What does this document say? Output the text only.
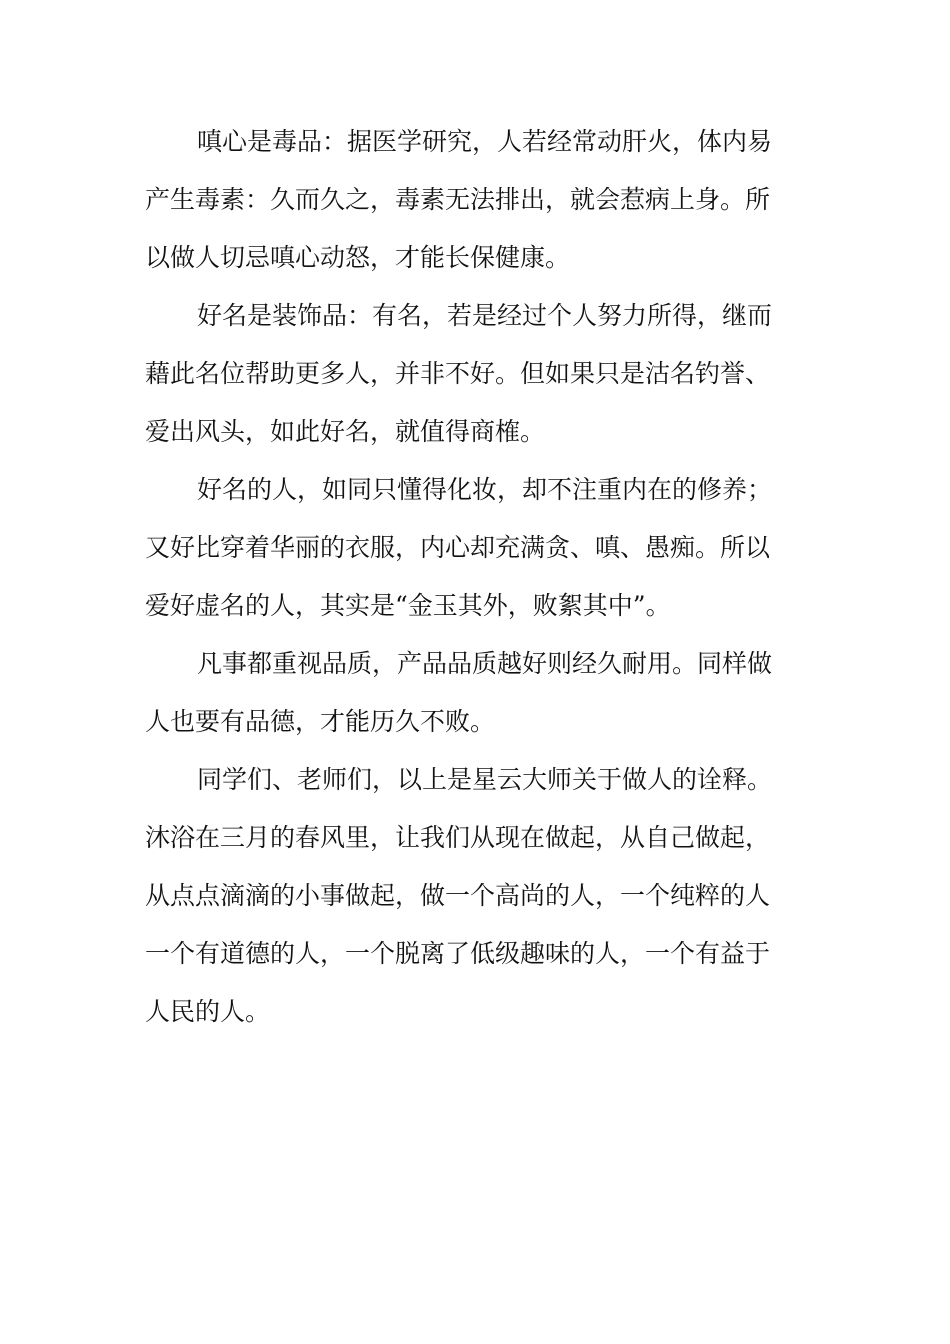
嗔心是毒品：据医学研究，人若经常动肝火，体内易
产生毒素：久而久之，毒素无法排出，就会惹病上身。所
以做人切忌嗔心动怒，才能长保健康。

好名是装饰品：有名，若是经过个人努力所得，继而
藉此名位帮助更多人，并非不好。但如果只是沽名钓誉、
爱出风头，如此好名，就值得商榷。

好名的人，如同只懂得化妆，却不注重内在的修养；
又好比穿着华丽的衣服，内心却充满贪、嗔、愚痴。所以
爱好虚名的人，其实是“金玉其外，败絮其中”。

凡事都重视品质，产品品质越好则经久耐用。同样做
人也要有品德，才能历久不败。

同学们、老师们，以上是星云大师关于做人的诠释。
沐浴在三月的春风里，让我们从现在做起，从自己做起，
从点点滴滴的小事做起，做一个高尚的人，一个纯粹的人
一个有道德的人，一个脱离了低级趣味的人，一个有益于
人民的人。
